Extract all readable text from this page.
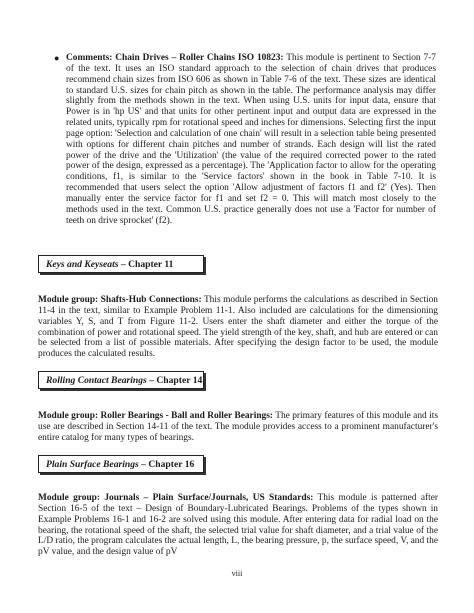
● Comments: Chain Drives – Roller Chains ISO 10823: This module is pertinent to Section 7-7 of the text. It uses an ISO standard approach to the selection of chain drives that produces recommend chain sizes from ISO 606 as shown in Table 7-6 of the text. These sizes are identical to standard U.S. sizes for chain pitch as shown in the table. The performance analysis may differ slightly from the methods shown in the text. When using U.S. units for input data, ensure that Power is in 'hp US' and that units for other pertinent input and output data are expressed in the related units, typically rpm for rotational speed and inches for dimensions. Selecting first the input page option: 'Selection and calculation of one chain' will result in a selection table being presented with options for different chain pitches and number of strands. Each design will list the rated power of the drive and the 'Utilization' (the value of the required corrected power to the rated power of the design, expressed as a percentage). The 'Application factor to allow for the operating conditions, f1, is similar to the 'Service factors' shown in the book in Table 7-10. It is recommended that users select the option 'Allow adjustment of factors f1 and f2' (Yes). Then manually enter the service factor for f1 and set f2 = 0. This will match most closely to the methods used in the text. Common U.S. practice generally does not use a 'Factor for number of teeth on drive sprocket' (f2).

Keys and Keyseats – Chapter 11

Module group: Shafts-Hub Connections: This module performs the calculations as described in Section 11-4 in the text, similar to Example Problem 11-1. Also included are calculations for the dimensioning variables Y, S, and T from Figure 11-2. Users enter the shaft diameter and either the torque of the combination of power and rotational speed. The yield strength of the key, shaft, and hub are entered or can be selected from a list of possible materials. After specifying the design factor to be used, the module produces the calculated results.

Rolling Contact Bearings – Chapter 14

Module group: Roller Bearings - Ball and Roller Bearings: The primary features of this module and its use are described in Section 14-11 of the text. The module provides access to a prominent manufacturer's entire catalog for many types of bearings.

Plain Surface Bearings – Chapter 16

Module group: Journals – Plain Surface/Journals, US Standards: This module is patterned after Section 16-5 of the text – Design of Boundary-Lubricated Bearings. Problems of the types shown in Example Problems 16-1 and 16-2 are solved using this module. After entering data for radial load on the bearing, the rotational speed of the shaft, the selected trial value for shaft diameter, and a trial value of the L/D ratio, the program calculates the actual length, L, the bearing pressure, p, the surface speed, V, and the pV value, and the design value of pV

viii
